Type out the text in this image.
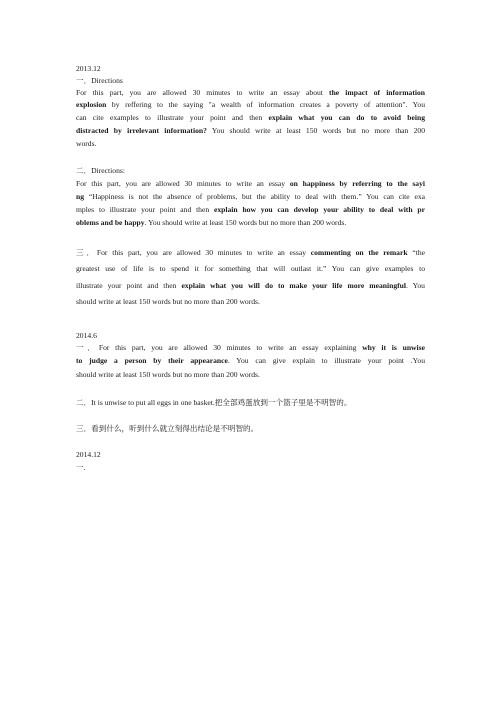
2013.12
一．Directions
For this part, you are allowed 30 minutes to write an essay about the impact of information
explosion by reffering to the saying "a wealth of information creates a poverty of attention". You
can cite examples to illustrate your point and then explain what you can do to avoid being
distracted by irrelevant information? You should write at least 150 words but no more than 200
words.
二．Directions:
For this part, you are allowed 30 minutes to write an essay on happiness by referring to the sayi
ng “Happiness is not the absence of problems, but the ability to deal with them.” You can cite exa
mples to illustrate your point and then explain how you can develop your ability to deal with pr
oblems and be happy. You should write at least 150 words but no more than 200 words.
三．For this part, you are allowed 30 minutes to write an essay commenting on the remark “the
greatest use of life is to spend it for something that will outlast it.” You can give examples to
illustrate your point and then explain what you will do to make your life more meaningful. You
should write at least 150 words but no more than 200 words.
2014.6
一．For this part, you are allowed 30 minutes to write an essay explaining why it is unwise
to judge a person by their appearance. You can give explain to illustrate your point .You
should write at least 150 words but no more than 200 words.
二．It is unwise to put all eggs in one basket.把全部鸡蛋放到一个篮子里是不明智的。
三．看到什么，听到什么就立刻得出结论是不明智的。
2014.12
一.
